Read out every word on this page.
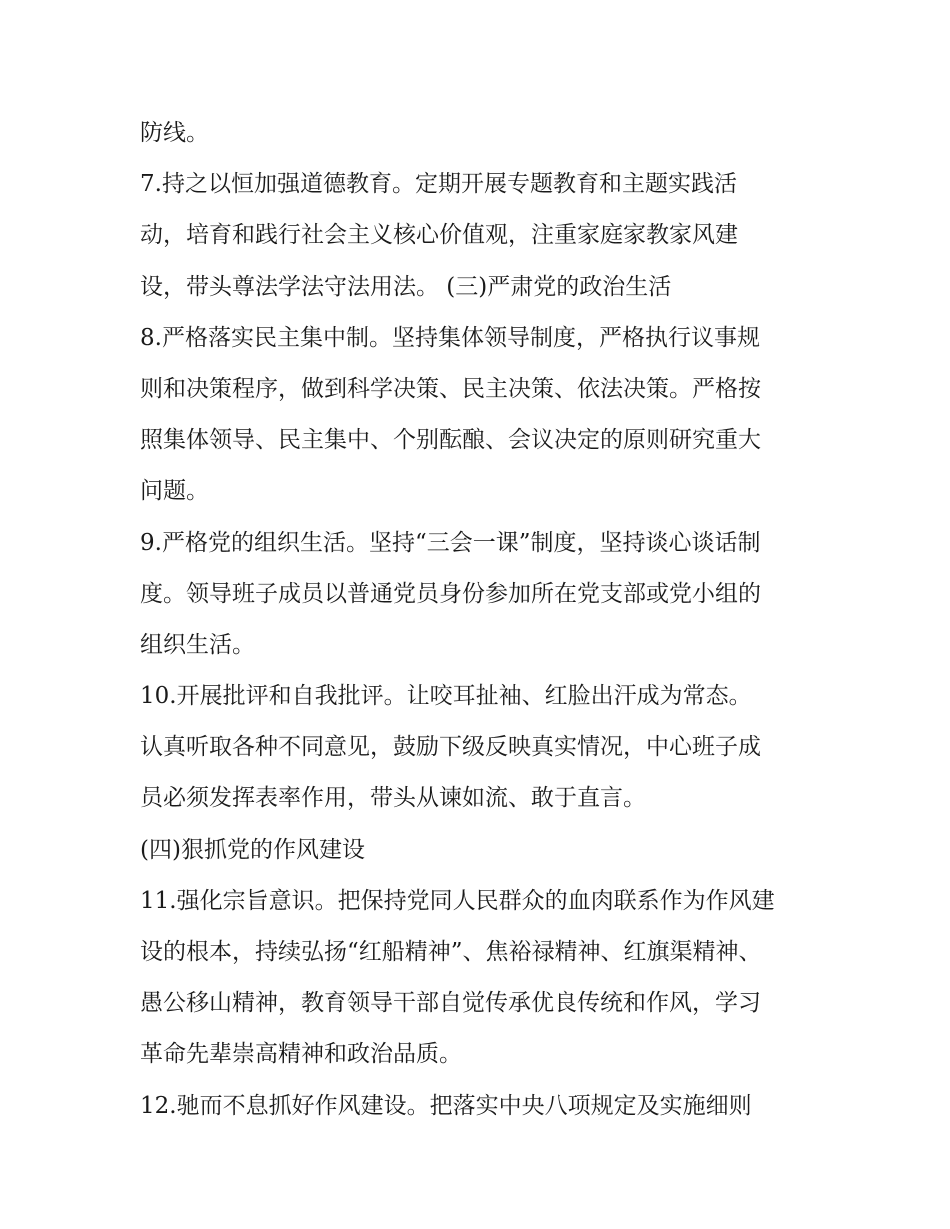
防线。
7.持之以恒加强道德教育。定期开展专题教育和主题实践活
动，培育和践行社会主义核心价值观，注重家庭家教家风建
设，带头尊法学法守法用法。 (三)严肃党的政治生活
8.严格落实民主集中制。坚持集体领导制度，严格执行议事规
则和决策程序，做到科学决策、民主决策、依法决策。严格按
照集体领导、民主集中、个别酝酿、会议决定的原则研究重大
问题。
9.严格党的组织生活。坚持“三会一课”制度，坚持谈心谈话制
度。领导班子成员以普通党员身份参加所在党支部或党小组的
组织生活。
10.开展批评和自我批评。让咬耳扯袖、红脸出汗成为常态。
认真听取各种不同意见，鼓励下级反映真实情况，中心班子成
员必须发挥表率作用，带头从谏如流、敢于直言。
(四)狠抓党的作风建设
11.强化宗旨意识。把保持党同人民群众的血肉联系作为作风建
设的根本，持续弘扬“红船精神”、焦裕禄精神、红旗渠精神、
愚公移山精神，教育领导干部自觉传承优良传统和作风，学习
革命先辈崇高精神和政治品质。
12.驰而不息抓好作风建设。把落实中央八项规定及实施细则
